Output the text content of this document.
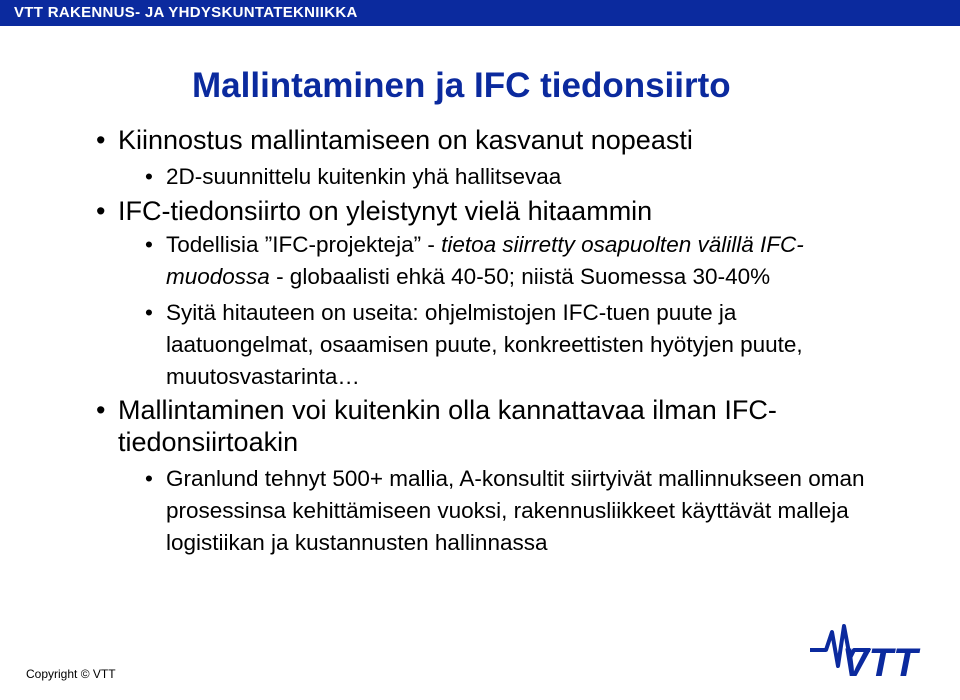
VTT RAKENNUS- JA YHDYSKUNTATEKNIIKKA
Mallintaminen ja IFC tiedonsiirto

• Kiinnostus mallintamiseen on kasvanut nopeasti

• 2D-suunnittelu kuitenkin yhä hallitsevaa

• IFC-tiedonsiirto on yleistynyt vielä hitaammin

• Todellisia ”IFC-projekteja” - tietoa siirretty osapuolten välillä IFC-muodossa - globaalisti ehkä 40-50; niistä Suomessa 30-40%

• Syitä hitauteen on useita: ohjelmistojen IFC-tuen puute ja laatuongelmat, osaamisen puute, konkreettisten hyötyjen puute, muutosvastarinta…

• Mallintaminen voi kuitenkin olla kannattavaa ilman IFC-tiedonsiirtoakin

• Granlund tehnyt 500+ mallia, A-konsultit siirtyivät mallinnukseen oman prosessinsa kehittämiseen vuoksi, rakennusliikkeet käyttävät malleja logistiikan ja kustannusten hallinnassa

Copyright © VTT	VTT
